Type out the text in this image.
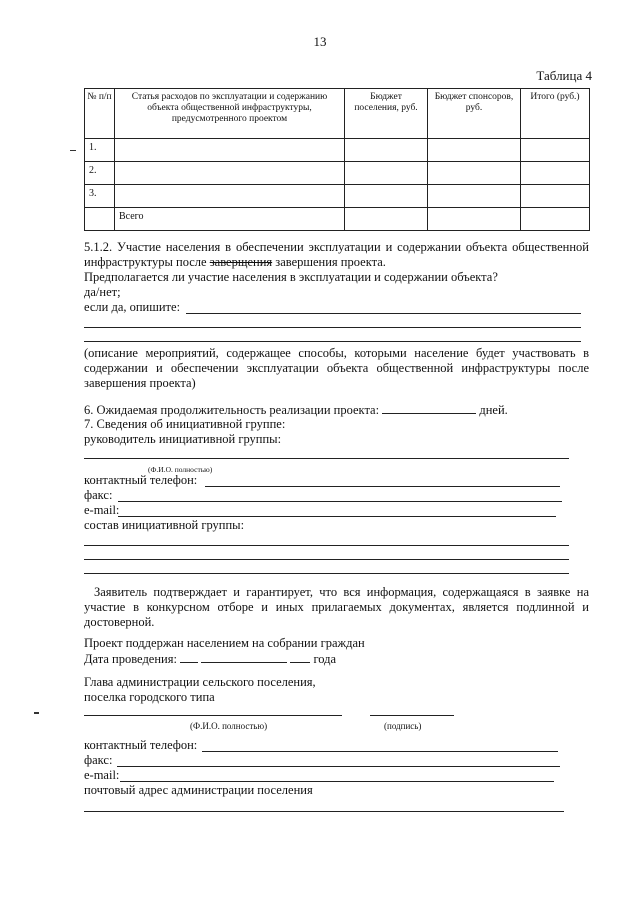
13
Таблица 4
№ п/п	Статья расходов по эксплуатации и содержанию объекта общественной инфраструктуры, предусмотренного проектом	Бюджет поселения, руб.	Бюджет спонсоров, руб.	Итого (руб.)
1.				
2.				
3.				
	Всего			
5.1.2. Участие населения в обеспечении эксплуатации и содержании объекта общественной инфраструктуры после заверщения завершения проекта.
Предполагается ли участие населения в эксплуатации и содержании объекта?
да/нет;
если да, опишите:
(описание мероприятий, содержащее способы, которыми население будет участвовать в содержании и обеспечении эксплуатации объекта общественной инфраструктуры после завершения проекта)
6. Ожидаемая продолжительность реализации проекта:	дней.
7. Сведения об инициативной группе:
руководитель инициативной группы:
(Ф.И.О. полностью)
контактный телефон:
факс:
e-mail:
состав инициативной группы:
Заявитель подтверждает и гарантирует, что вся информация, содержащаяся в заявке на участие в конкурсном отборе и иных прилагаемых документах, является подлинной и достоверной.
Проект поддержан населением на собрании граждан
Дата проведения:	года
Глава администрации сельского поселения,
поселка городского типа
(Ф.И.О. полностью)	(подпись)
контактный телефон:
факс:
e-mail:
почтовый адрес администрации поселения
